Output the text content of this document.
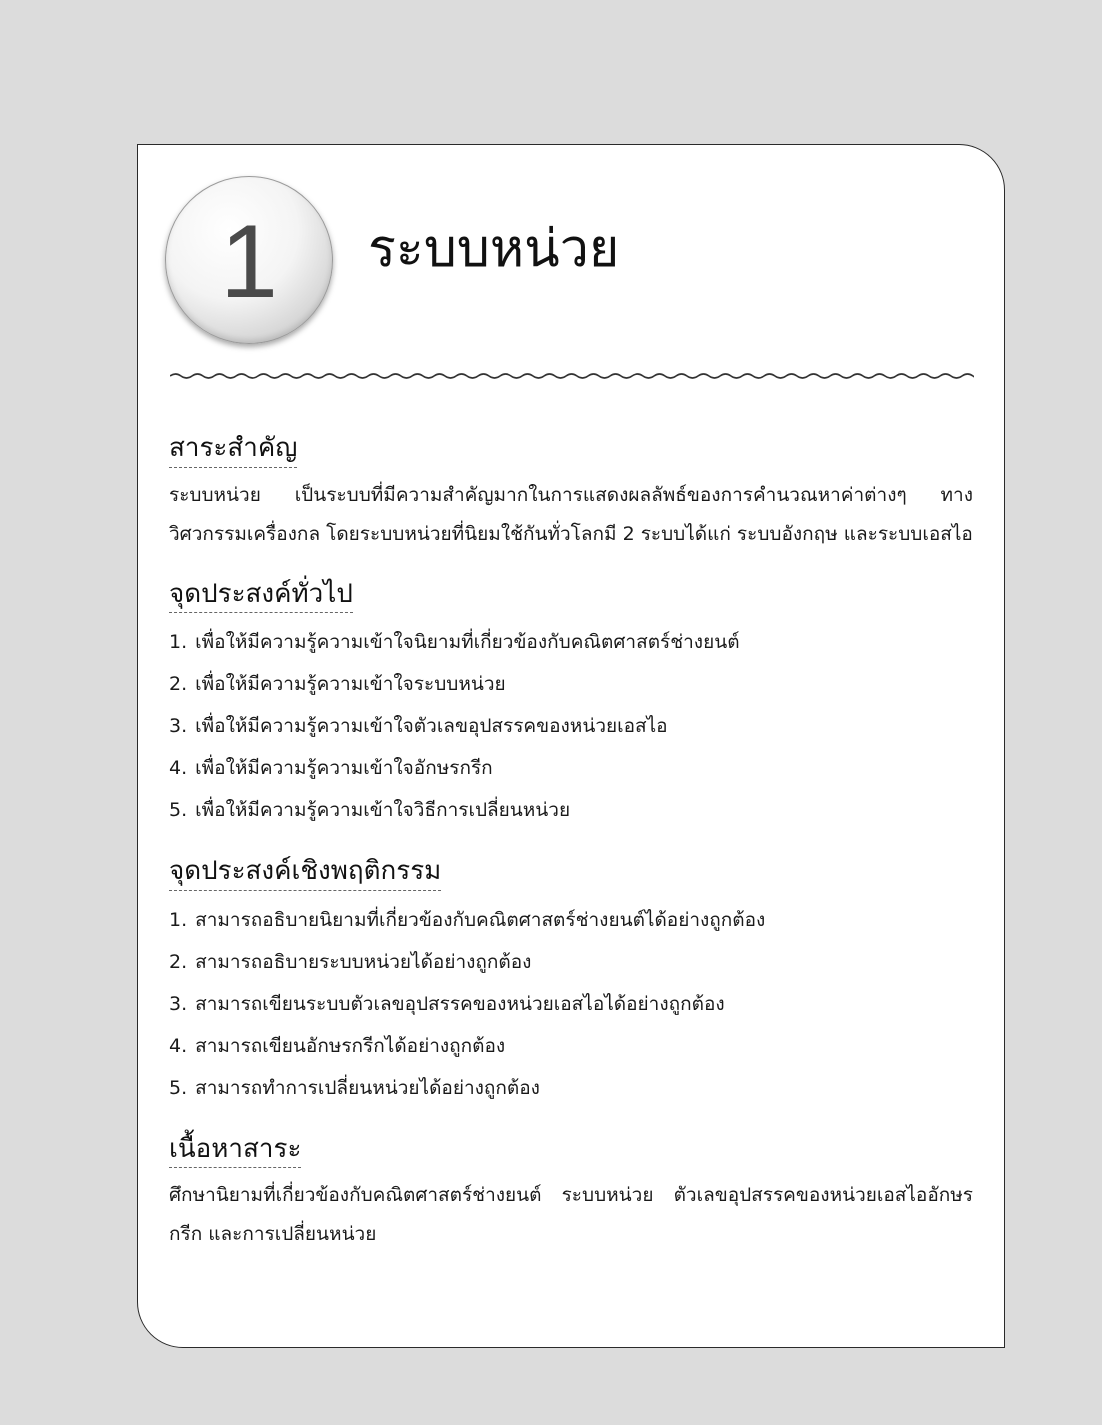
1 ระบบหน่วย
สาระสำคัญ

ระบบหน่วย เป็นระบบที่มีความสำคัญมากในการแสดงผลลัพธ์ของการคำนวณหาค่าต่างๆ ทางวิศวกรรมเครื่องกล โดยระบบหน่วยที่นิยมใช้กันทั่วโลกมี 2 ระบบได้แก่ ระบบอังกฤษ และระบบเอสไอ

จุดประสงค์ทั่วไป
1. เพื่อให้มีความรู้ความเข้าใจนิยามที่เกี่ยวข้องกับคณิตศาสตร์ช่างยนต์
2. เพื่อให้มีความรู้ความเข้าใจระบบหน่วย
3. เพื่อให้มีความรู้ความเข้าใจตัวเลขอุปสรรคของหน่วยเอสไอ
4. เพื่อให้มีความรู้ความเข้าใจอักษรกรีก
5. เพื่อให้มีความรู้ความเข้าใจวิธีการเปลี่ยนหน่วย
จุดประสงค์เชิงพฤติกรรม
1. สามารถอธิบายนิยามที่เกี่ยวข้องกับคณิตศาสตร์ช่างยนต์ได้อย่างถูกต้อง
2. สามารถอธิบายระบบหน่วยได้อย่างถูกต้อง
3. สามารถเขียนระบบตัวเลขอุปสรรคของหน่วยเอสไอได้อย่างถูกต้อง
4. สามารถเขียนอักษรกรีกได้อย่างถูกต้อง
5. สามารถทำการเปลี่ยนหน่วยได้อย่างถูกต้อง
เนื้อหาสาระ

ศึกษานิยามที่เกี่ยวข้องกับคณิตศาสตร์ช่างยนต์ ระบบหน่วย ตัวเลขอุปสรรคของหน่วยเอสไออักษรกรีก และการเปลี่ยนหน่วย
